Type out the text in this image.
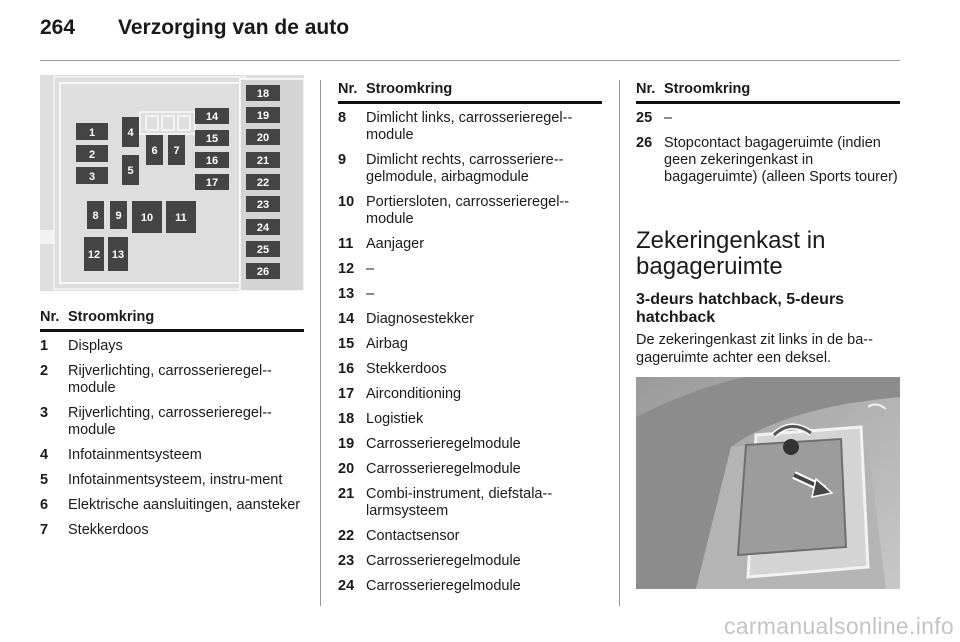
264	Verzorging van de auto
1
2
3
4
5
6 7
8 9 10 11
12 13
14
15
16
17
18
19
20
21
22
23
24
25
26
Nr. Stroomkring
1	Displays
2	Rijverlichting, carrosserieregel-module
3	Rijverlichting, carrosserieregel-module
4	Infotainmentsysteem
5	Infotainmentsysteem, instru-ment
6	Elektrische aansluitingen, aansteker
7	Stekkerdoos
Nr. Stroomkring
8	Dimlicht links, carrosserieregel-module
9	Dimlicht rechts, carrosseriere-gelmodule, airbagmodule
10 Portiersloten, carrosserieregel-module
11 Aanjager
12 –
13 –
14 Diagnosestekker
15 Airbag
16 Stekkerdoos
17 Airconditioning
18 Logistiek
19 Carrosserieregelmodule
20 Carrosserieregelmodule
21 Combi-instrument, diefstala-larmsysteem
22 Contactsensor
23 Carrosserieregelmodule
24 Carrosserieregelmodule
Nr. Stroomkring
25 –
26 Stopcontact bagageruimte (indien geen zekeringenkast in bagageruimte) (alleen Sports tourer)
Zekeringenkast in bagageruimte
3-deurs hatchback, 5-deurs hatchback
De zekeringenkast zit links in de ba-gageruimte achter een deksel.
carmanualsonline.info
